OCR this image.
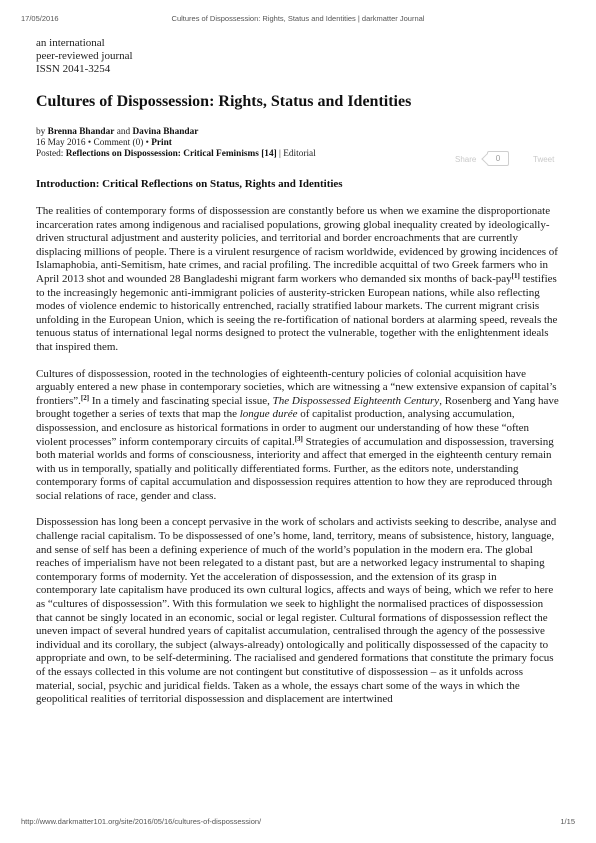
17/05/2016	Cultures of Dispossession: Rights, Status and Identities | darkmatter Journal
an international
peer-reviewed journal
ISSN 2041-3254
Cultures of Dispossession: Rights, Status and Identities
by Brenna Bhandar and Davina Bhandar
16 May 2016 • Comment (0) • Print
Posted: Reflections on Dispossession: Critical Feminisms [14] | Editorial
Share	0	Tweet
Introduction: Critical Reflections on Status, Rights and Identities

The realities of contemporary forms of dispossession are constantly before us when we examine the disproportionate incarceration rates among indigenous and racialised populations, growing global inequality created by ideologically-driven structural adjustment and austerity policies, and territorial and border encroachments that are currently displacing millions of people. There is a virulent resurgence of racism worldwide, evidenced by growing incidences of Islamaphobia, anti-Semitism, hate crimes, and racial profiling. The incredible acquittal of two Greek farmers who in April 2013 shot and wounded 28 Bangladeshi migrant farm workers who demanded six months of back-pay[1] testifies to the increasingly hegemonic anti-immigrant policies of austerity-stricken European nations, while also reflecting modes of violence endemic to historically entrenched, racially stratified labour markets. The current migrant crisis unfolding in the European Union, which is seeing the re-fortification of national borders at alarming speed, reveals the tenuous status of international legal norms designed to protect the vulnerable, together with the enlightenment ideals that inspired them.

Cultures of dispossession, rooted in the technologies of eighteenth-century policies of colonial acquisition have arguably entered a new phase in contemporary societies, which are witnessing a “new extensive expansion of capital’s frontiers”.[2] In a timely and fascinating special issue, The Dispossessed Eighteenth Century, Rosenberg and Yang have brought together a series of texts that map the longue durée of capitalist production, analysing accumulation, dispossession, and enclosure as historical formations in order to augment our understanding of how these “often violent processes” inform contemporary circuits of capital.[3] Strategies of accumulation and dispossession, traversing both material worlds and forms of consciousness, interiority and affect that emerged in the eighteenth century remain with us in temporally, spatially and politically differentiated forms. Further, as the editors note, understanding contemporary forms of capital accumulation and dispossession requires attention to how they are reproduced through social relations of race, gender and class.

Dispossession has long been a concept pervasive in the work of scholars and activists seeking to describe, analyse and challenge racial capitalism. To be dispossessed of one’s home, land, territory, means of subsistence, history, language, and sense of self has been a defining experience of much of the world’s population in the modern era. The global reaches of imperialism have not been relegated to a distant past, but are a networked legacy instrumental to shaping contemporary forms of modernity. Yet the acceleration of dispossession, and the extension of its grasp in contemporary late capitalism have produced its own cultural logics, affects and ways of being, which we refer to here as “cultures of dispossession”. With this formulation we seek to highlight the normalised practices of dispossession that cannot be singly located in an economic, social or legal register. Cultural formations of dispossession reflect the uneven impact of several hundred years of capitalist accumulation, centralised through the agency of the possessive individual and its corollary, the subject (always-already) ontologically and politically dispossessed of the capacity to appropriate and own, to be self-determining. The racialised and gendered formations that constitute the primary focus of the essays collected in this volume are not contingent but constitutive of dispossession – as it unfolds across material, social, psychic and juridical fields. Taken as a whole, the essays chart some of the ways in which the geopolitical realities of territorial dispossession and displacement are intertwined

http://www.darkmatter101.org/site/2016/05/16/cultures-of-dispossession/	1/15
